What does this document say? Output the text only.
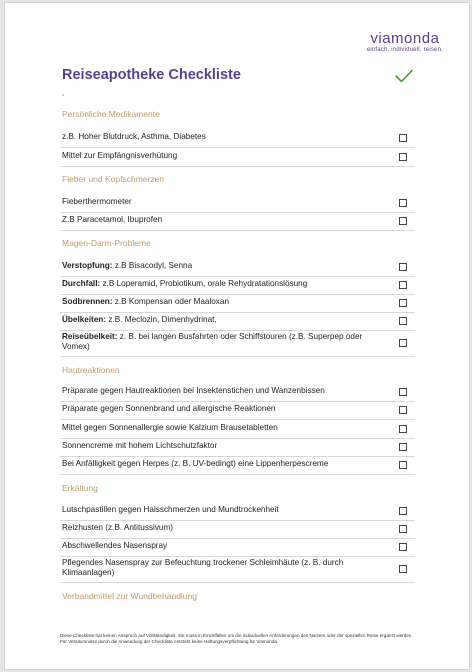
viamonda
einfach. individuell. reisen.
Reiseapotheke Checkliste
Persönliche Medikamente
z.B. Hoher Blutdruck, Asthma, Diabetes
Mittel zur Empfängnisverhütung
Fieber und Kopfschmerzen
Fieberthermometer
Z.B Paracetamol, Ibuprofen
Magen-Darm-Probleme
Verstopfung: z.B Bisacodyl, Senna
Durchfall: z.B Loperamid, Probiotikum, orale Rehydratationslösung
Sodbrennen: z.B Kompensan oder Maaloxan
Übelkeiten: z.B. Meclozin, Dimenhydrinat,
Reiseübelkeit: z. B. bei langen Busfahrten oder Schiffstouren (z.B. Superpep oder Vomex)
Hautreaktionen
Präparate gegen Hautreaktionen bei Insektenstichen und Wanzenbissen
Präparate gegen Sonnenbrand und allergische Reaktionen
Mittel gegen Sonnenallergie sowie Kalzium Brausetabletten
Sonnencreme mit hohem Lichtschutzfaktor
Bei Anfälligkeit gegen Herpes (z. B. UV-bedingt) eine Lippenherpescreme
Erkältung
Lutschpastillen gegen Halsschmerzen und Mundtrockenheit
Reizhusten (z.B. Antitussivum)
Abschwellendes Nasenspray
Pflegendes Nasenspray zur Befeuchtung trockener Schleimhäute (z. B. durch Klimaanlagen)
Verbandmittel zur Wundbehandlung
Diese Checkliste hat keinen Anspruch auf Vollständigkeit. Sie muss in Einzelfällen um die individuellen Anforderungen des Nutzers oder der speziellen Reise ergänzt werden. Für Versäumnisse durch die Anwendung der Checkliste entsteht keine Haftungsverpflichtung für Viamonda.
